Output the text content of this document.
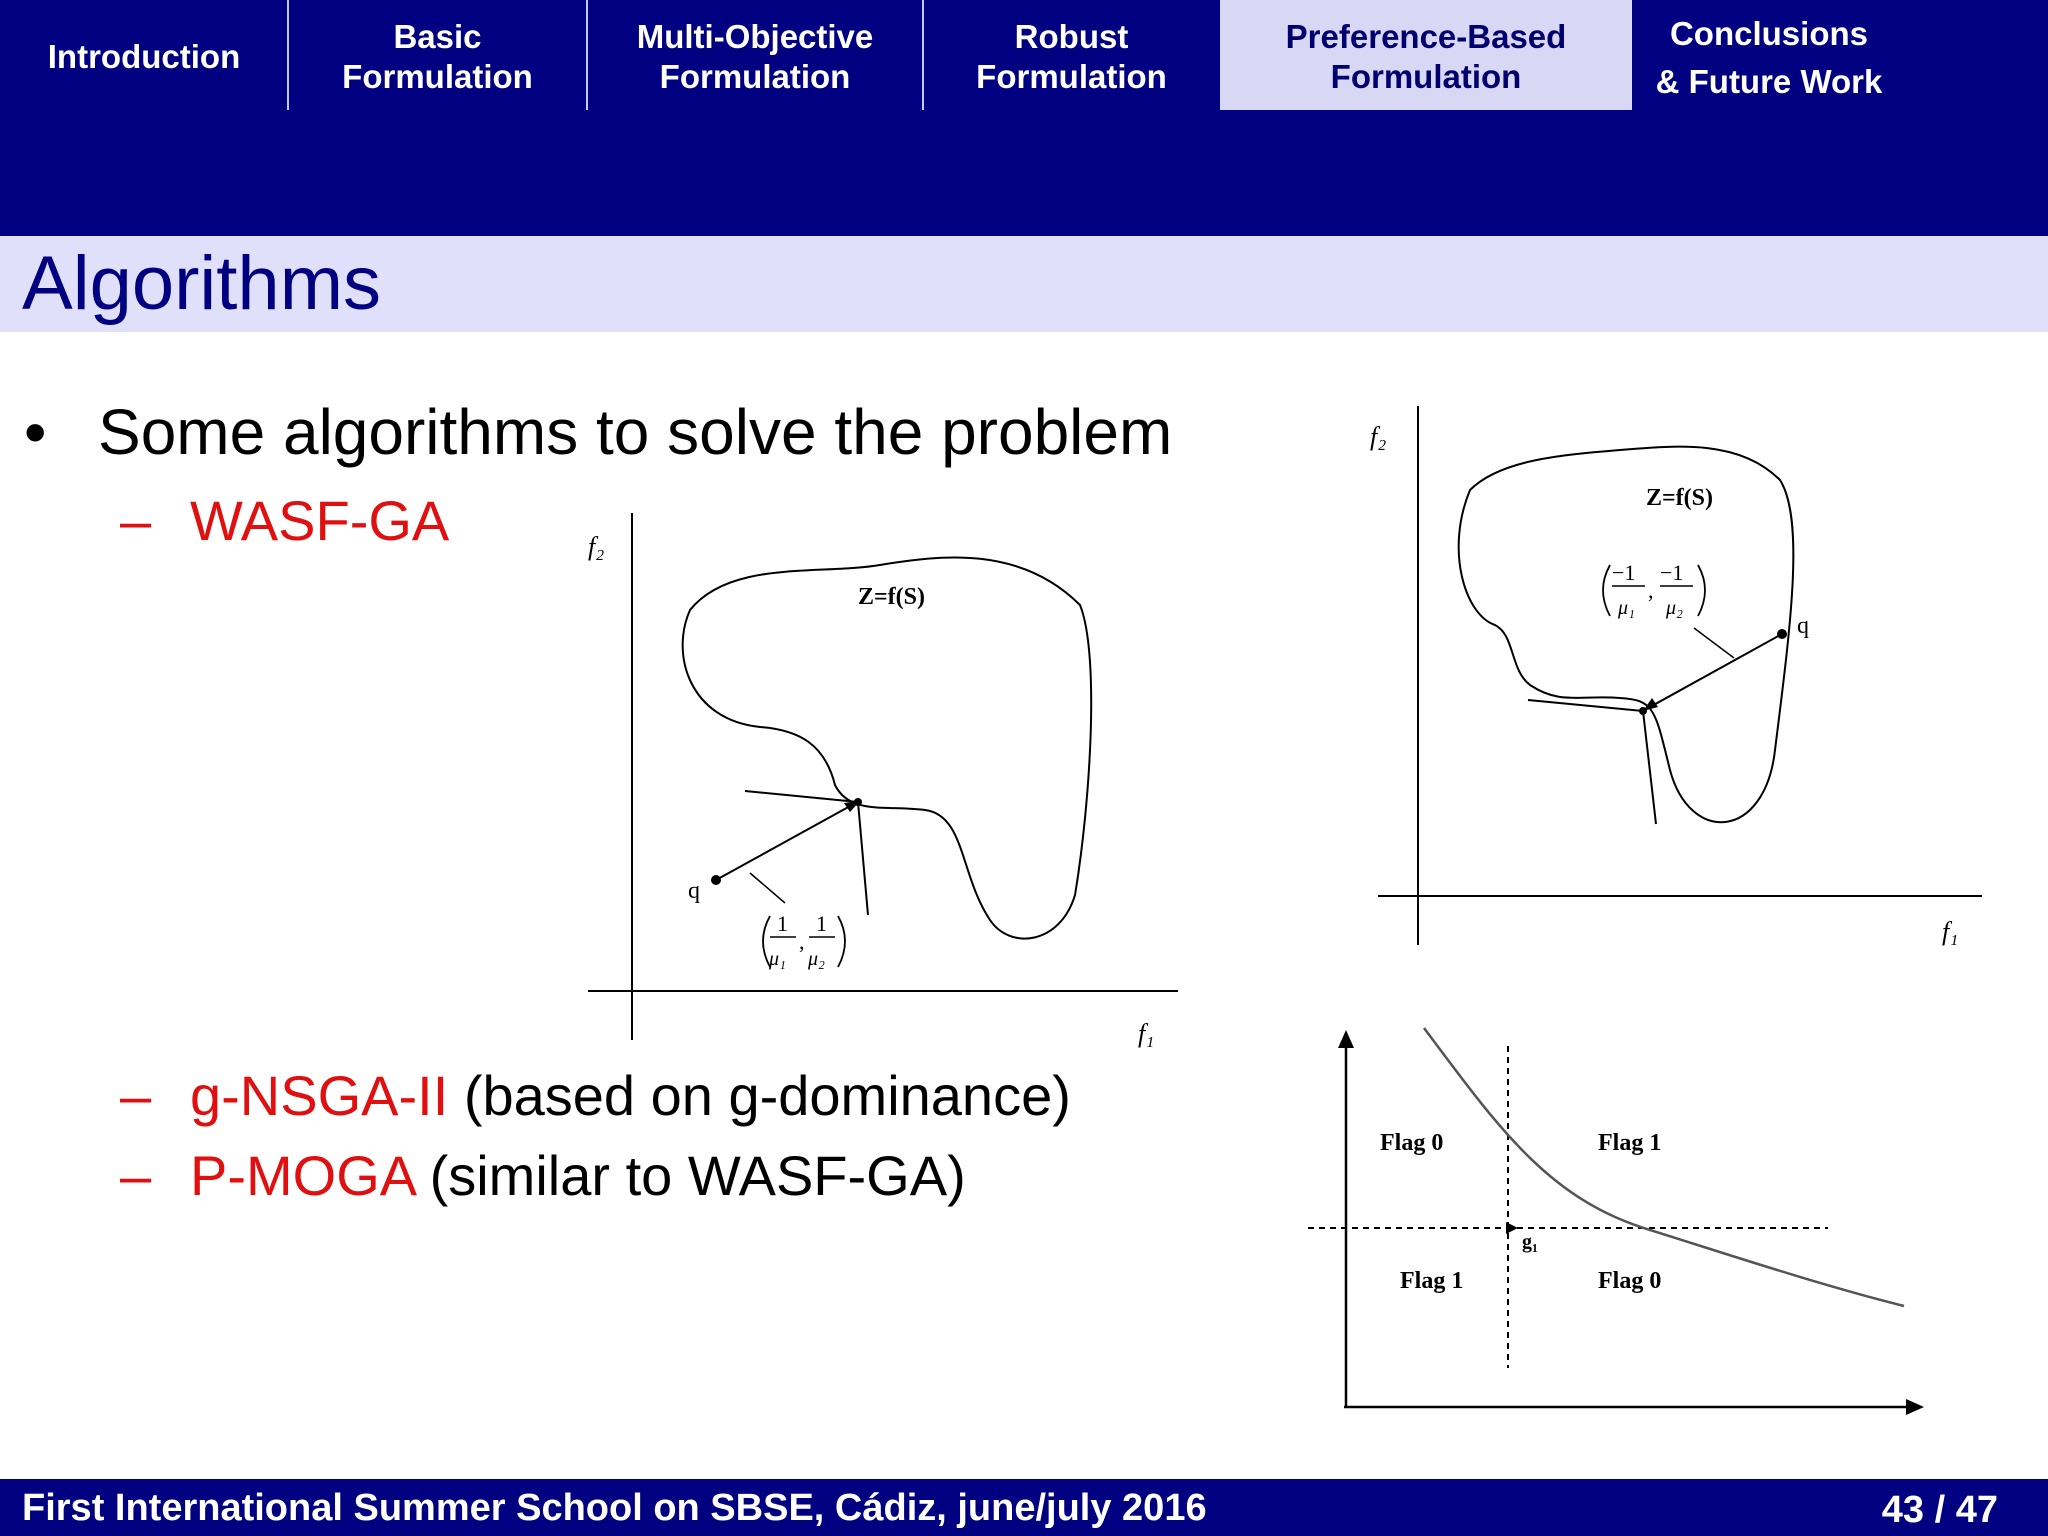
Introduction
Basic
Formulation
Multi-Objective
Formulation
Robust
Formulation
Preference-Based
Formulation
Conclusions
& Future Work
Algorithms
• Some algorithms to solve the problem
– WASF-GA
– g-NSGA-II (based on g-dominance)
– P-MOGA (similar to WASF-GA)
f₂
f₁
Z=f(S)
q
1
μ₁
,
1
μ₂
f₂
f₁
Z=f(S)
q
−1
μ₁
,
−1
μ₂
Flag 0	Flag 1
Flag 1	Flag 0
g₁
First International Summer School on SBSE, Cádiz, june/july 2016	43 / 47
